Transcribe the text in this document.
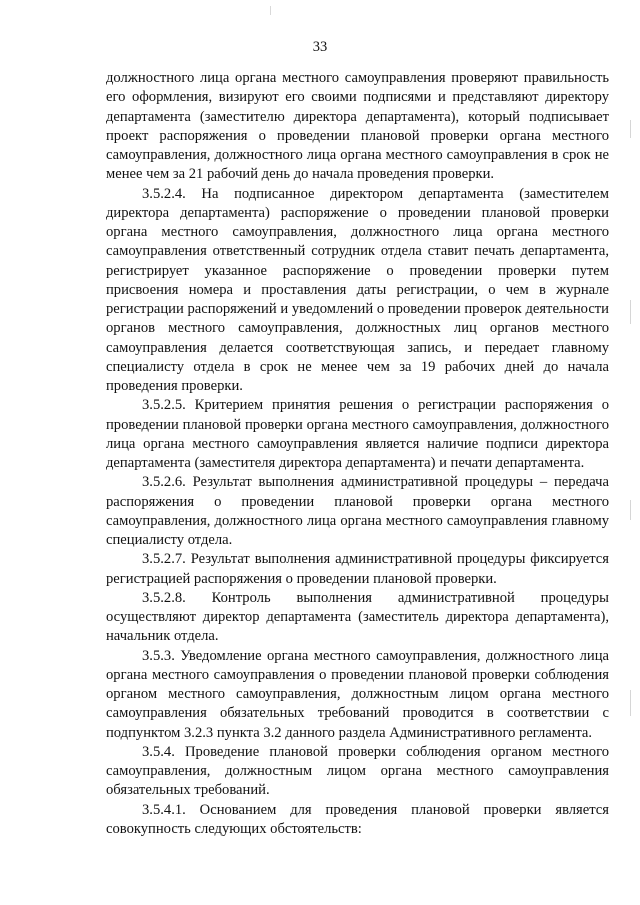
33

должностного лица органа местного самоуправления проверяют правильность его оформления, визируют его своими подписями и представляют директору департамента (заместителю директора департамента), который подписывает проект распоряжения о проведении плановой проверки органа местного самоуправления, должностного лица органа местного самоуправления в срок не менее чем за 21 рабочий день до начала проведения проверки.

3.5.2.4. На подписанное директором департамента (заместителем директора департамента) распоряжение о проведении плановой проверки органа местного самоуправления, должностного лица органа местного самоуправления ответственный сотрудник отдела ставит печать департамента, регистрирует указанное распоряжение о проведении проверки путем присвоения номера и проставления даты регистрации, о чем в журнале регистрации распоряжений и уведомлений о проведении проверок деятельности органов местного самоуправления, должностных лиц органов местного самоуправления делается соответствующая запись, и передает главному специалисту отдела в срок не менее чем за 19 рабочих дней до начала проведения проверки.

3.5.2.5. Критерием принятия решения о регистрации распоряжения о проведении плановой проверки органа местного самоуправления, должностного лица органа местного самоуправления является наличие подписи директора департамента (заместителя директора департамента) и печати департамента.

3.5.2.6. Результат выполнения административной процедуры – передача распоряжения о проведении плановой проверки органа местного самоуправления, должностного лица органа местного самоуправления главному специалисту отдела.

3.5.2.7. Результат выполнения административной процедуры фиксируется регистрацией распоряжения о проведении плановой проверки.

3.5.2.8. Контроль выполнения административной процедуры осуществляют директор департамента (заместитель директора департамента), начальник отдела.

3.5.3. Уведомление органа местного самоуправления, должностного лица органа местного самоуправления о проведении плановой проверки соблюдения органом местного самоуправления, должностным лицом органа местного самоуправления обязательных требований проводится в соответствии с подпунктом 3.2.3 пункта 3.2 данного раздела Административного регламента.

3.5.4. Проведение плановой проверки соблюдения органом местного самоуправления, должностным лицом органа местного самоуправления обязательных требований.

3.5.4.1. Основанием для проведения плановой проверки является совокупность следующих обстоятельств:
